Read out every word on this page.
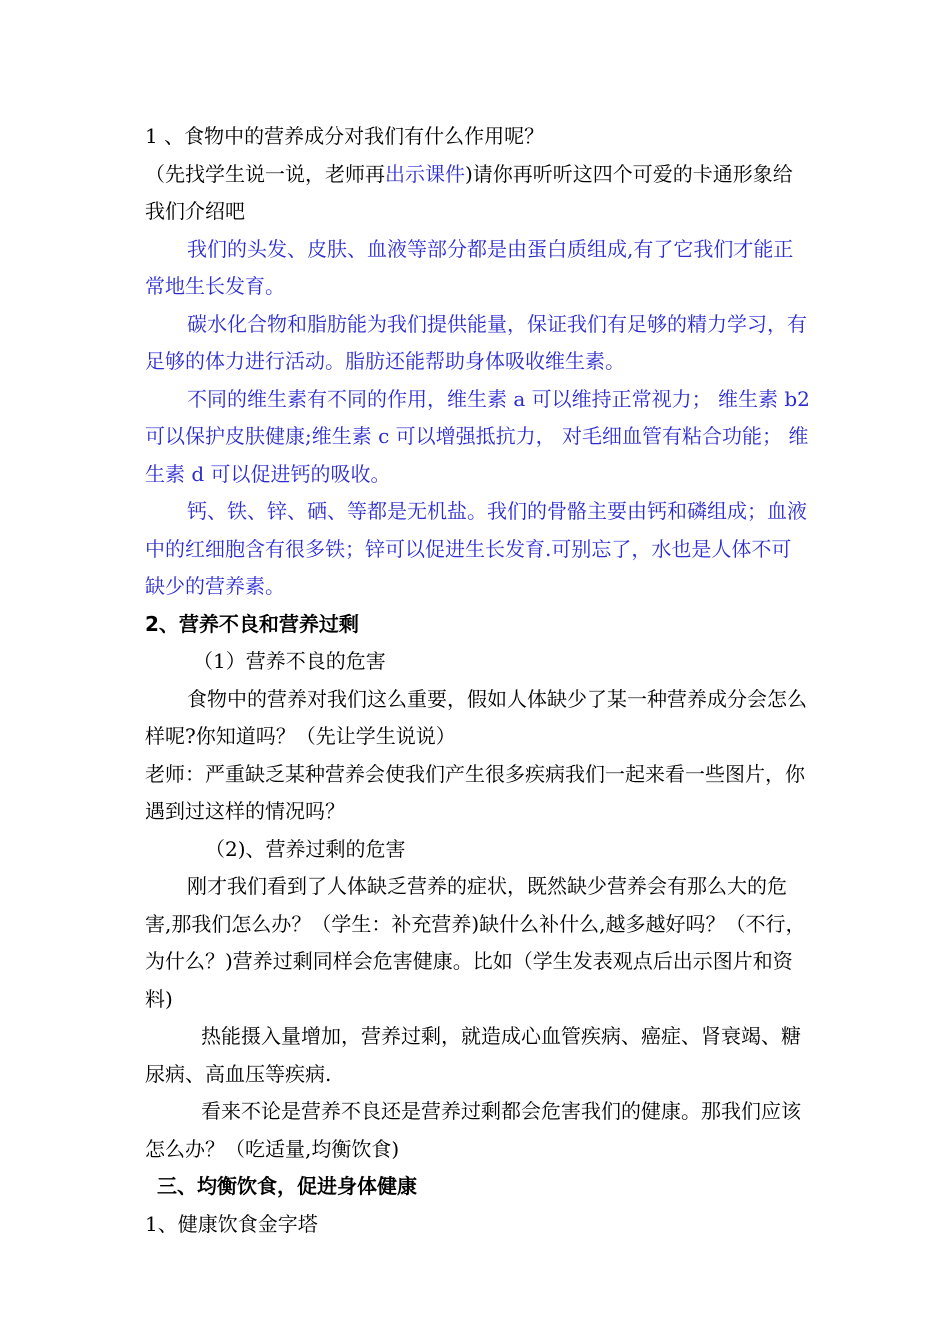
1 、食物中的营养成分对我们有什么作用呢？

（先找学生说一说，老师再出示课件)请你再听听这四个可爱的卡通形象给我们介绍吧

我们的头发、皮肤、血液等部分都是由蛋白质组成,有了它我们才能正常地生长发育。

碳水化合物和脂肪能为我们提供能量，保证我们有足够的精力学习，有足够的体力进行活动。脂肪还能帮助身体吸收维生素。

不同的维生素有不同的作用，维生素 a 可以维持正常视力； 维生素 b2 可以保护皮肤健康;维生素 c 可以增强抵抗力， 对毛细血管有粘合功能； 维生素 d 可以促进钙的吸收。

钙、铁、锌、硒、等都是无机盐。我们的骨骼主要由钙和磷组成；血液中的红细胞含有很多铁；锌可以促进生长发育.可别忘了，水也是人体不可缺少的营养素。

2、营养不良和营养过剩

（1）营养不良的危害

食物中的营养对我们这么重要，假如人体缺少了某一种营养成分会怎么样呢?你知道吗？（先让学生说说）

老师：严重缺乏某种营养会使我们产生很多疾病我们一起来看一些图片，你遇到过这样的情况吗？

（2)、营养过剩的危害

刚才我们看到了人体缺乏营养的症状，既然缺少营养会有那么大的危害,那我们怎么办？（学生：补充营养)缺什么补什么,越多越好吗？（不行，为什么？)营养过剩同样会危害健康。比如（学生发表观点后出示图片和资料)

热能摄入量增加，营养过剩，就造成心血管疾病、癌症、肾衰竭、糖尿病、高血压等疾病.

看来不论是营养不良还是营养过剩都会危害我们的健康。那我们应该怎么办？（吃适量,均衡饮食)

三、均衡饮食，促进身体健康

1、健康饮食金字塔
